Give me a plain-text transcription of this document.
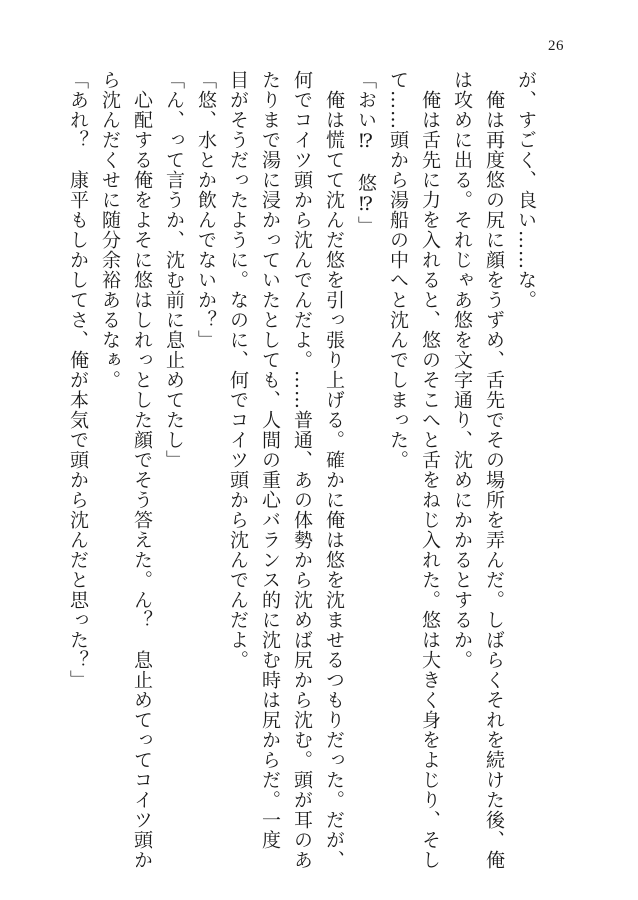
26
が、すごく、良い……な。
　俺は再度悠の尻に顔をうずめ、舌先でその場所を弄んだ。しばらくそれを続けた後、俺
は攻めに出る。それじゃあ悠を文字通り、沈めにかかるとするか。
　俺は舌先に力を入れると、悠のそこへと舌をねじ入れた。悠は大きく身をよじり、そし
て……頭から湯船の中へと沈んでしまった。
「おい⁉　悠⁉」
　俺は慌てて沈んだ悠を引っ張り上げる。確かに俺は悠を沈ませるつもりだった。だが、
何でコイツ頭から沈んでんだよ。……普通、あの体勢から沈めば尻から沈む。頭が耳のあ
たりまで湯に浸かっていたとしても、人間の重心バランス的に沈む時は尻からだ。一度
目がそうだったように。なのに、何でコイツ頭から沈んでんだよ。
「悠、水とか飲んでないか？」
「ん、って言うか、沈む前に息止めてたし」
　心配する俺をよそに悠はしれっとした顔でそう答えた。ん？　息止めてってコイツ頭か
ら沈んだくせに随分余裕あるなぁ。
「あれ？　康平もしかしてさ、俺が本気で頭から沈んだと思った？」
